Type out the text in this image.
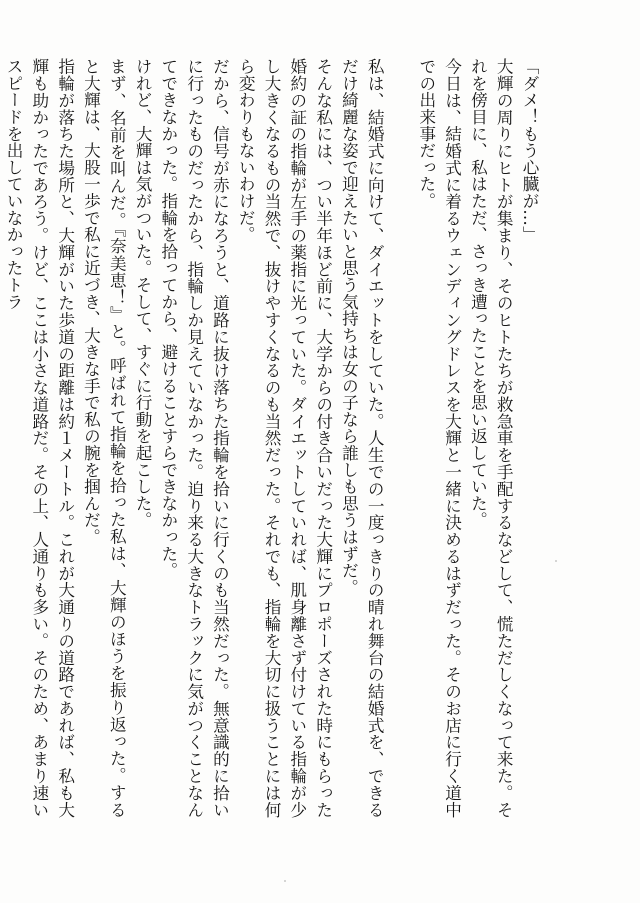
「ダメ！もう心臓が…」

大輝の周りにヒトが集まり、そのヒトたちが救急車を手配するなどして、慌ただしくなって来た。それを傍目に、私はただ、さっき遭ったことを思い返していた。

今日は、結婚式に着るウェンディングドレスを大輝と一緒に決めるはずだった。そのお店に行く道中での出来事だった。

私は、結婚式に向けて、ダイエットをしていた。人生での一度っきりの晴れ舞台の結婚式を、できるだけ綺麗な姿で迎えたいと思う気持ちは女の子なら誰しも思うはずだ。

そんな私には、つい半年ほど前に、大学からの付き合いだった大輝にプロポーズされた時にもらった婚約の証の指輪が左手の薬指に光っていた。ダイエットしていれば、肌身離さず付けている指輪が少し大きくなるもの当然で、抜けやすくなるのも当然だった。それでも、指輪を大切に扱うことには何ら変わりもないわけだ。

だから、信号が赤になろうと、道路に抜け落ちた指輪を拾いに行くのも当然だった。無意識的に拾いに行ったものだったから、指輪しか見えていなかった。迫り来る大きなトラックに気がつくことなんてできなかった。指輪を拾ってから、避けることすらできなかった。

けれど、大輝は気がついた。そして、すぐに行動を起こした。

まず、名前を叫んだ。『奈美恵！』と。呼ばれて指輪を拾った私は、大輝のほうを振り返った。すると大輝は、大股一歩で私に近づき、大きな手で私の腕を掴んだ。

指輪が落ちた場所と、大輝がいた歩道の距離は約１メートル。これが大通りの道路であれば、私も大輝も助かったであろう。けど、ここは小さな道路だ。その上、人通りも多い。そのため、あまり速いスピードを出していなかったトラ
